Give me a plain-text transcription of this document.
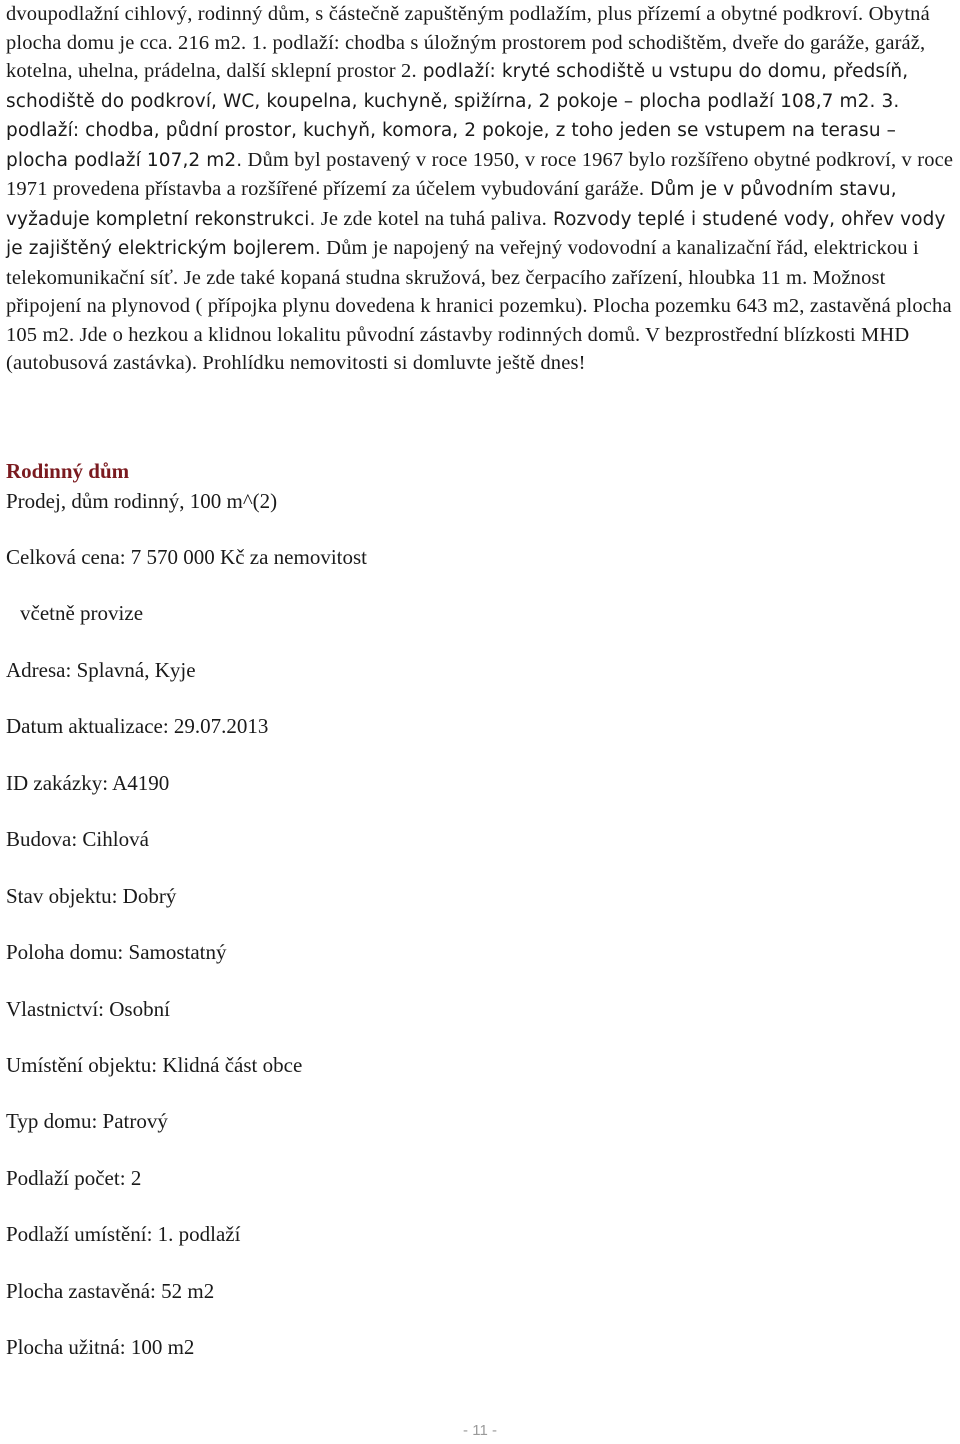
dvoupodlažní cihlový, rodinný dům, s částečně zapuštěným podlažím, plus přízemí a obytné podkroví. Obytná plocha domu je cca. 216 m2. 1. podlaží: chodba s úložným prostorem pod schodištěm, dveře do garáže, garáž, kotelna, uhelna, prádelna, další sklepní prostor 2. podlaží: kryté schodiště u vstupu do domu, předsíň, schodiště do podkroví, WC, koupelna, kuchyně, spižírna, 2 pokoje – plocha podlaží 108,7 m2. 3. podlaží: chodba, půdní prostor, kuchyň, komora, 2 pokoje, z toho jeden se vstupem na terasu – plocha podlaží 107,2 m2. Dům byl postavený v roce 1950, v roce 1967 bylo rozšířeno obytné podkroví, v roce 1971 provedena přístavba a rozšířené přízemí za účelem vybudování garáže. Dům je v původním stavu, vyžaduje kompletní rekonstrukci. Je zde kotel na tuhá paliva. Rozvody teplé i studené vody, ohřev vody je zajištěný elektrickým bojlerem. Dům je napojený na veřejný vodovodní a kanalizační řád, elektrickou i telekomunikační síť. Je zde také kopaná studna skružová, bez čerpacího zařízení, hloubka 11 m. Možnost připojení na plynovod ( přípojka plynu dovedena k hranici pozemku). Plocha pozemku 643 m2, zastavěná plocha 105 m2. Jde o hezkou a klidnou lokalitu původní zástavby rodinných domů. V bezprostřední blízkosti MHD (autobusová zastávka). Prohlídku nemovitosti si domluvte ještě dnes!

Rodinný dům

Prodej, dům rodinný, 100 m^(2)

Celková cena: 7 570 000 Kč za nemovitost

včetně provize

Adresa: Splavná, Kyje

Datum aktualizace: 29.07.2013

ID zakázky: A4190

Budova: Cihlová

Stav objektu: Dobrý

Poloha domu: Samostatný

Vlastnictví: Osobní

Umístění objektu: Klidná část obce

Typ domu: Patrový

Podlaží počet: 2

Podlaží umístění: 1. podlaží

Plocha zastavěná: 52 m2

Plocha užitná: 100 m2

- 11 -
